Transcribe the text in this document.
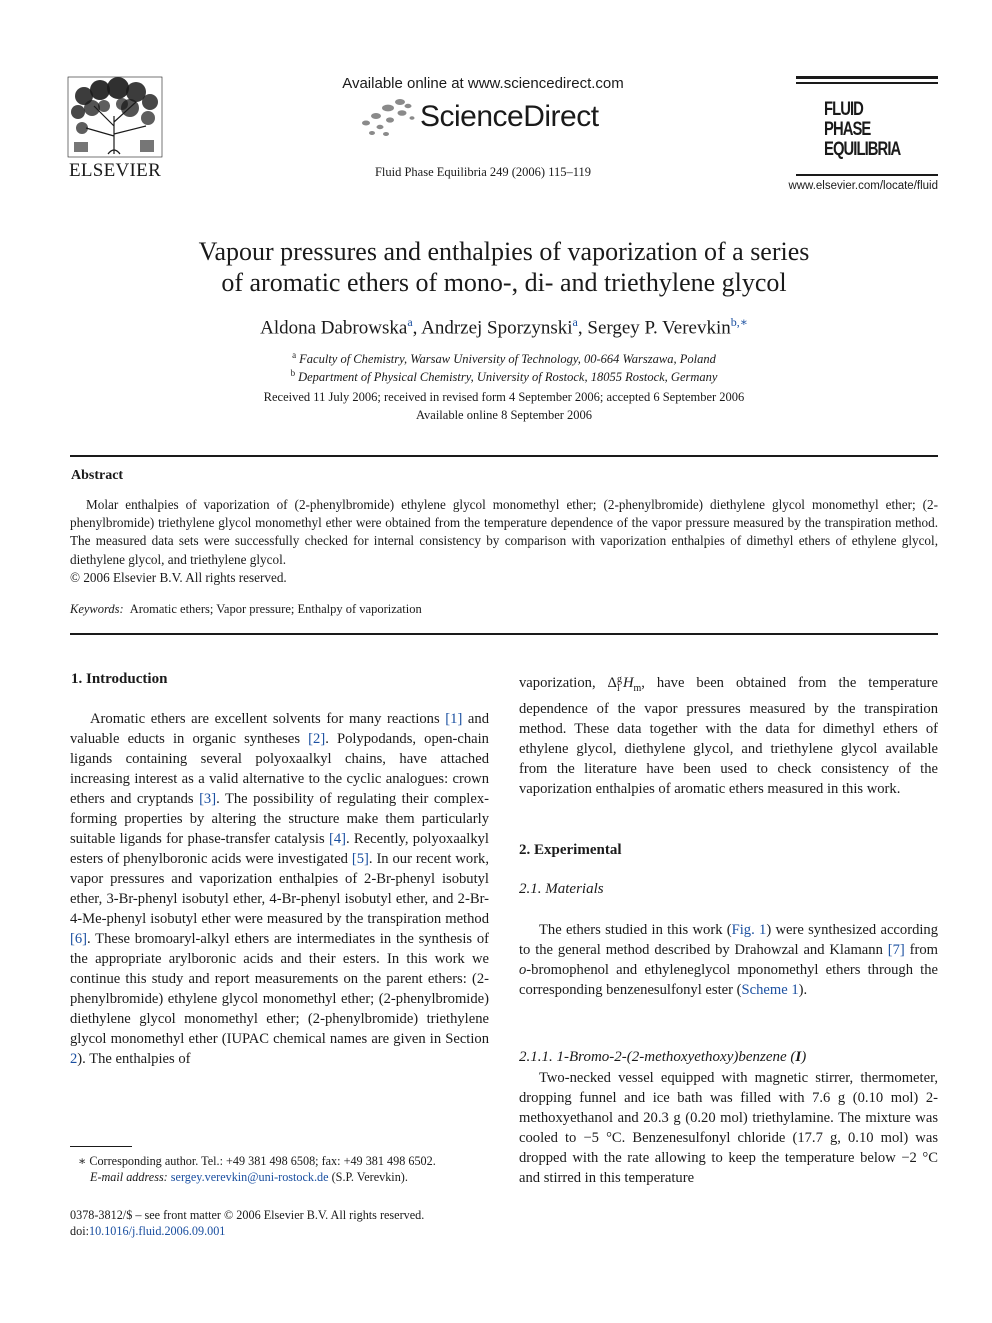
ELSEVIER
Available online at www.sciencedirect.com
ScienceDirect
Fluid Phase Equilibria 249 (2006) 115–119
FLUID PHASE
EQUILIBRIA
www.elsevier.com/locate/fluid
Vapour pressures and enthalpies of vaporization of a series
of aromatic ethers of mono-, di- and triethylene glycol
Aldona Dabrowska$^a$, Andrzej Sporzynski$^a$, Sergey P. Verevkin$^{b,∗}$
$^a$ Faculty of Chemistry, Warsaw University of Technology, 00-664 Warszawa, Poland
$^b$ Department of Physical Chemistry, University of Rostock, 18055 Rostock, Germany
Received 11 July 2006; received in revised form 4 September 2006; accepted 6 September 2006
Available online 8 September 2006
Abstract
Molar enthalpies of vaporization of (2-phenylbromide) ethylene glycol monomethyl ether; (2-phenylbromide) diethylene glycol monomethyl ether; (2-phenylbromide) triethylene glycol monomethyl ether were obtained from the temperature dependence of the vapor pressure measured by the transpiration method. The measured data sets were successfully checked for internal consistency by comparison with vaporization enthalpies of dimethyl ethers of ethylene glycol, diethylene glycol, and triethylene glycol.
© 2006 Elsevier B.V. All rights reserved.
Keywords: Aromatic ethers; Vapor pressure; Enthalpy of vaporization
1. Introduction
Aromatic ethers are excellent solvents for many reactions [1] and valuable educts in organic syntheses [2]. Polypodands, open-chain ligands containing several polyoxaalkyl chains, have attached increasing interest as a valid alternative to the cyclic analogues: crown ethers and cryptands [3]. The possibility of regulating their complex-forming properties by altering the structure make them particularly suitable ligands for phase-transfer catalysis [4]. Recently, polyoxaalkyl esters of phenylboronic acids were investigated [5]. In our recent work, vapor pressures and vaporization enthalpies of 2-Br-phenyl isobutyl ether, 3-Br-phenyl isobutyl ether, 4-Br-phenyl isobutyl ether, and 2-Br-4-Me-phenyl isobutyl ether were measured by the transpiration method [6]. These bromoaryl-alkyl ethers are intermediates in the synthesis of the appropriate arylboronic acids and their esters. In this work we continue this study and report measurements on the parent ethers: (2-phenylbromide) ethylene glycol monomethyl ether; (2-phenylbromide) diethylene glycol monomethyl ether; (2-phenylbromide) triethylene glycol monomethyl ether (IUPAC chemical names are given in Section 2). The enthalpies of
vaporization, Δ g
l $H_m$, have been obtained from the temperature dependence of the vapor pressures measured by the transpiration method. These data together with the data for dimethyl ethers of ethylene glycol, diethylene glycol, and triethylene glycol available from the literature have been used to check consistency of the vaporization enthalpies of aromatic ethers measured in this work.
2. Experimental
2.1. Materials
The ethers studied in this work (Fig. 1) were synthesized according to the general method described by Drahowzal and Klamann [7] from o-bromophenol and ethyleneglycol mponomethyl ethers through the corresponding benzenesulfonyl ester (Scheme 1).
2.1.1. 1-Bromo-2-(2-methoxyethoxy)benzene (I)
Two-necked vessel equipped with magnetic stirrer, thermometer, dropping funnel and ice bath was filled with 7.6 g (0.10 mol) 2-methoxyethanol and 20.3 g (0.20 mol) triethylamine. The mixture was cooled to −5 °C. Benzenesulfonyl chloride (17.7 g, 0.10 mol) was dropped with the rate allowing to keep the temperature below −2 °C and stirred in this temperature
∗ Corresponding author. Tel.: +49 381 498 6508; fax: +49 381 498 6502.
E-mail address: sergey.verevkin@uni-rostock.de (S.P. Verevkin).
0378-3812/$ – see front matter © 2006 Elsevier B.V. All rights reserved.
doi:10.1016/j.fluid.2006.09.001
